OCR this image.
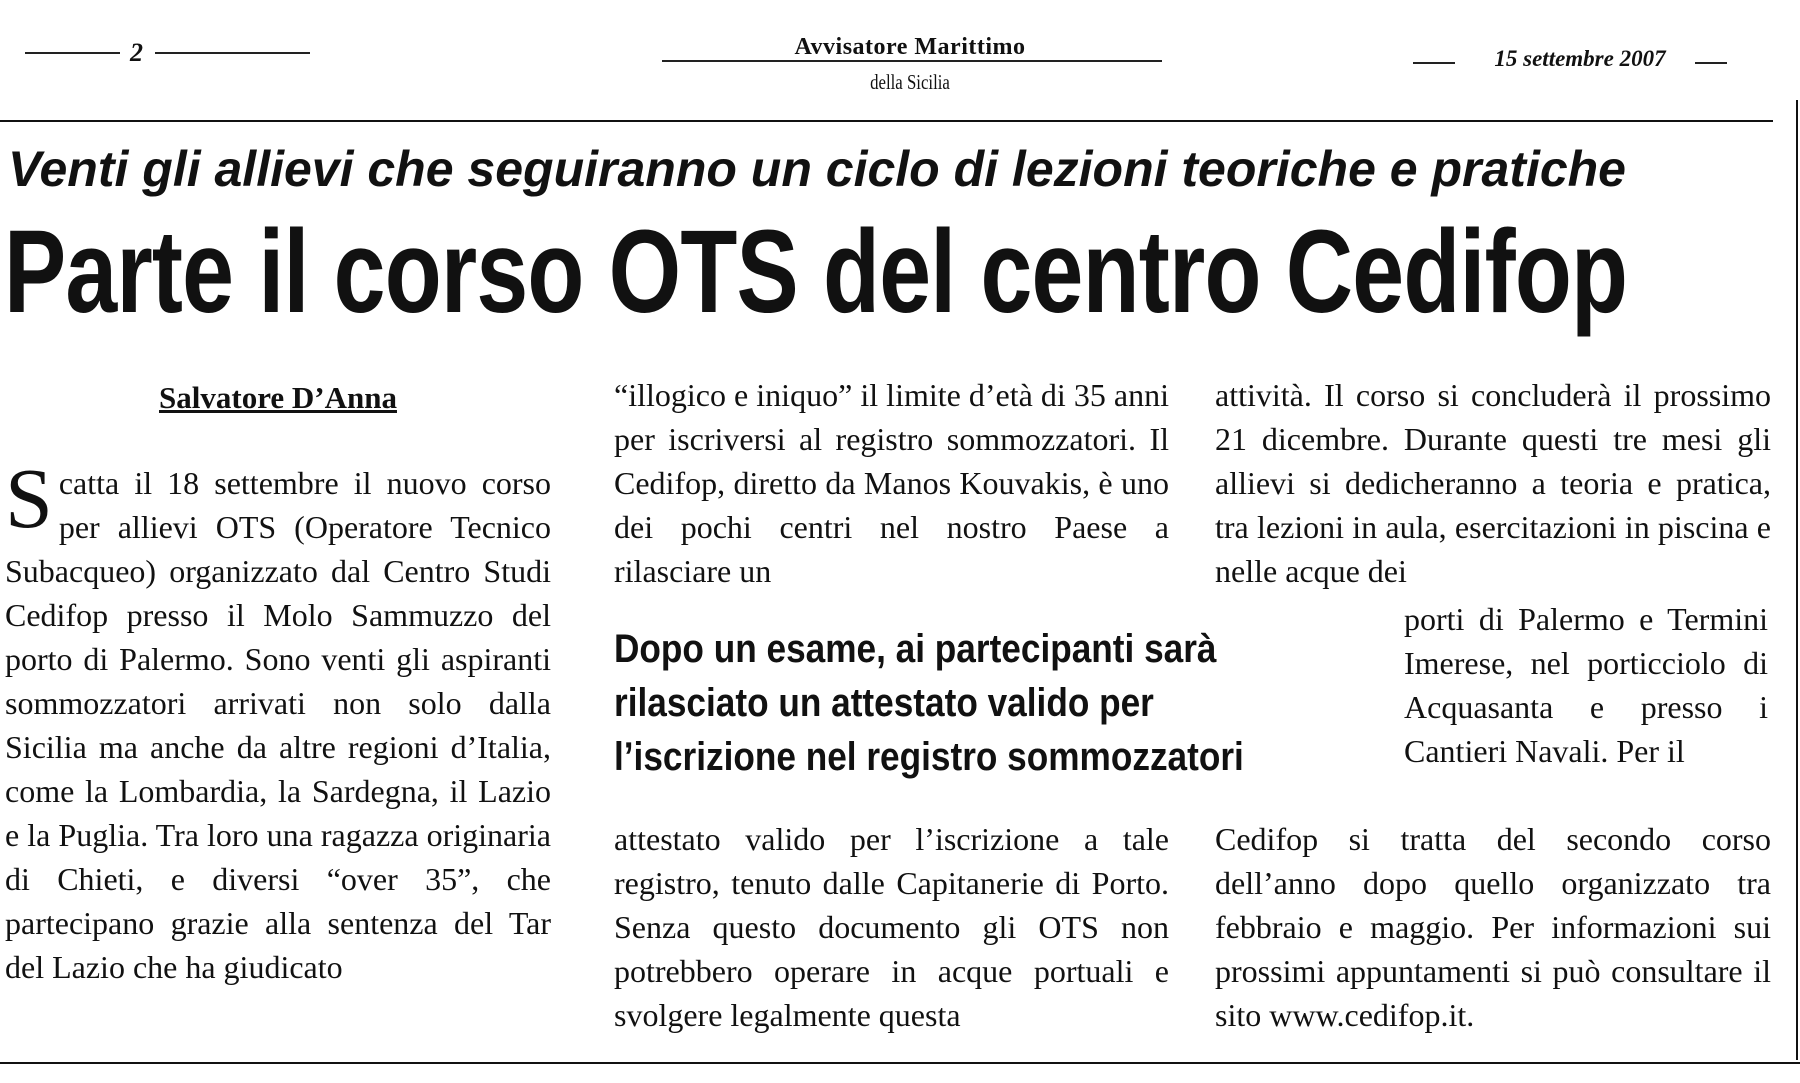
2	Avvisatore Marittimo
della Sicilia
15 settembre 2007
Venti gli allievi che seguiranno un ciclo di lezioni teoriche e pratiche
Parte il corso OTS del centro Cedifop
Salvatore D’Anna
S catta il 18 settembre il nuovo corso per allievi OTS (Operatore Tecnico Subacqueo) organizzato dal Centro Studi Cedifop presso il Molo Sammuzzo del porto di Palermo. Sono venti gli aspiranti sommozzatori arrivati non solo dalla Sicilia ma anche da altre regioni d’Italia, come la Lombardia, la Sardegna, il Lazio e la Puglia. Tra loro una ragazza originaria di Chieti, e diversi “over 35”, che partecipano grazie alla sentenza del Tar del Lazio che ha giudicato
“illogico e iniquo” il limite d’età di 35 anni per iscriversi al registro sommozzatori. Il Cedifop, diretto da Manos Kouvakis, è uno dei pochi centri nel nostro Paese a rilasciare un
Dopo un esame, ai partecipanti sarà
rilasciato un attestato valido per
l’iscrizione nel registro sommozzatori
attestato valido per l’iscrizione a tale registro, tenuto dalle Capitanerie di Porto. Senza questo documento gli OTS non potrebbero operare in acque portuali e svolgere legalmente questa
attività. Il corso si concluderà il prossimo 21 dicembre. Durante questi tre mesi gli allievi si dedicheranno a teoria e pratica, tra lezioni in aula, esercitazioni in piscina e nelle acque dei
porti di Palermo e Termini Imerese, nel porticciolo di Acquasanta e presso i Cantieri Navali. Per il
Cedifop si tratta del secondo corso dell’anno dopo quello organizzato tra febbraio e maggio. Per informazioni sui prossimi appuntamenti si può consultare il sito www.cedifop.it.
